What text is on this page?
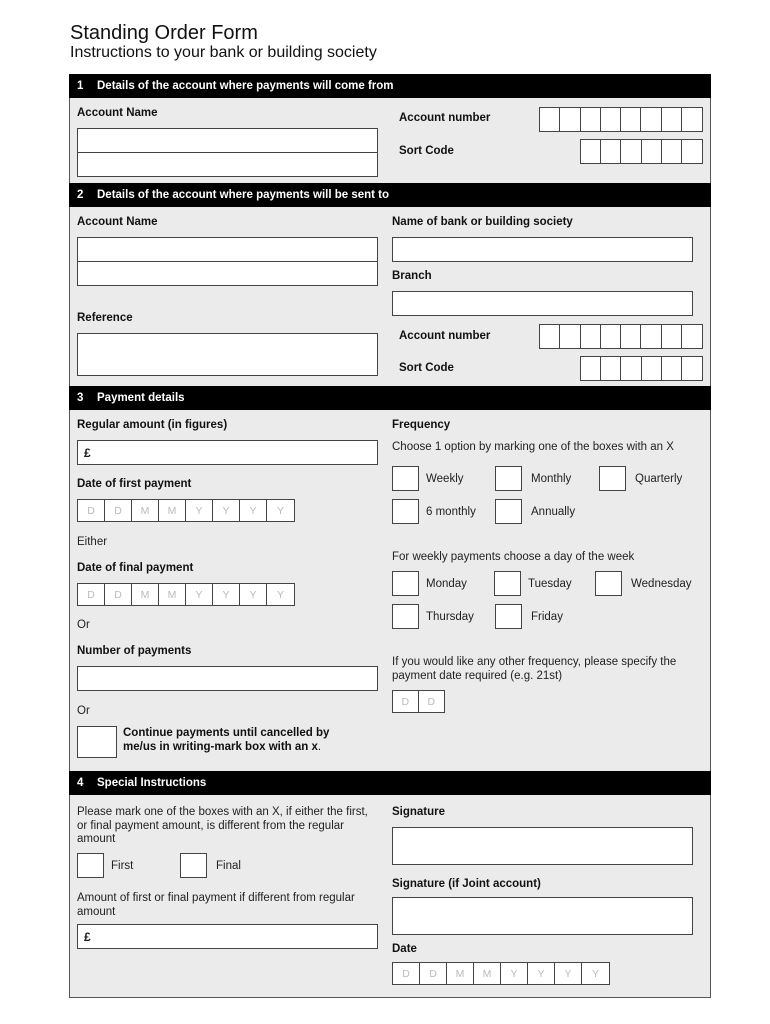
Standing Order Form
Instructions to your bank or building society
1 Details of the account where payments will come from
Account Name	Account number
Sort Code
2 Details of the account where payments will be sent to
Account Name	Name of bank or building society
Branch
Reference
Account number
Sort Code
3 Payment details
Regular amount (in figures)
£
Date of first payment
D	D	M	M	Y	Y	Y	Y
Either
Date of final payment
D	D	M	M	Y	Y	Y	Y
Or
Number of payments
Or
Continue payments until cancelled by me/us in writing-mark box with an x.
Frequency
Choose 1 option by marking one of the boxes with an X
Weekly	Monthly	Quarterly
6 monthly	Annually
For weekly payments choose a day of the week
Monday	Tuesday	Wednesday
Thursday	Friday
If you would like any other frequency, please specify the payment date required (e.g. 21st)
D	D
4 Special Instructions
Please mark one of the boxes with an X, if either the first, or final payment amount, is different from the regular amount
First	Final
Amount of first or final payment if different from regular amount
£
Signature
Signature (if Joint account)
Date
D	D	M	M	Y	Y	Y	Y
